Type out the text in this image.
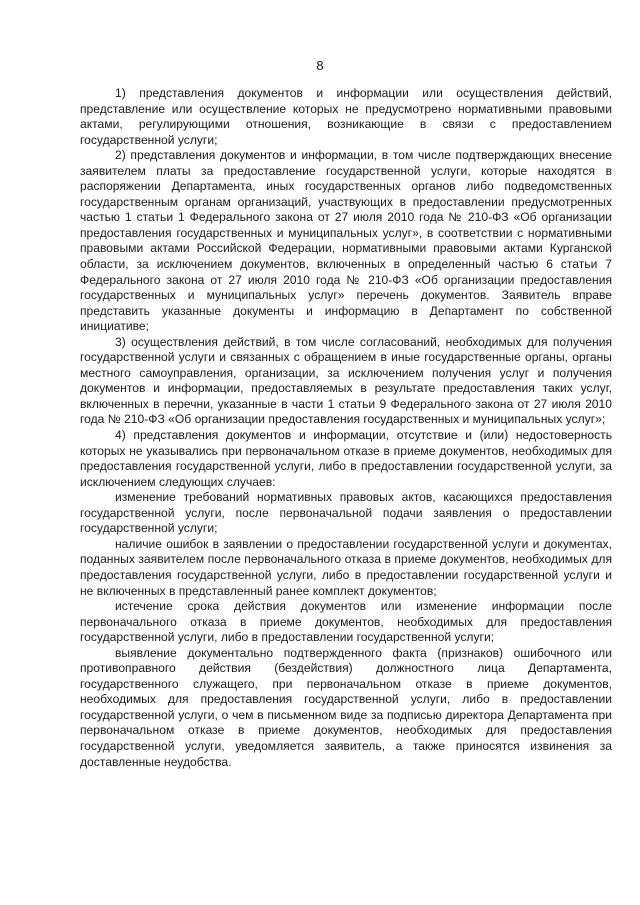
8

1) представления документов и информации или осуществления действий, представление или осуществление которых не предусмотрено нормативными правовыми актами, регулирующими отношения, возникающие в связи с предоставлением государственной услуги;

2) представления документов и информации, в том числе подтверждающих внесение заявителем платы за предоставление государственной услуги, которые находятся в распоряжении Департамента, иных государственных органов либо подведомственных государственным органам организаций, участвующих в предоставлении предусмотренных частью 1 статьи 1 Федерального закона от 27 июля 2010 года № 210-ФЗ «Об организации предоставления государственных и муниципальных услуг», в соответствии с нормативными правовыми актами Российской Федерации, нормативными правовыми актами Курганской области, за исключением документов, включенных в определенный частью 6 статьи 7 Федерального закона от 27 июля 2010 года № 210-ФЗ «Об организации предоставления государственных и муниципальных услуг» перечень документов. Заявитель вправе представить указанные документы и информацию в Департамент по собственной инициативе;

3) осуществления действий, в том числе согласований, необходимых для получения государственной услуги и связанных с обращением в иные государственные органы, органы местного самоуправления, организации, за исключением получения услуг и получения документов и информации, предоставляемых в результате предоставления таких услуг, включенных в перечни, указанные в части 1 статьи 9 Федерального закона от 27 июля 2010 года № 210-ФЗ «Об организации предоставления государственных и муниципальных услуг»;

4) представления документов и информации, отсутствие и (или) недостоверность которых не указывались при первоначальном отказе в приеме документов, необходимых для предоставления государственной услуги, либо в предоставлении государственной услуги, за исключением следующих случаев:

изменение требований нормативных правовых актов, касающихся предоставления государственной услуги, после первоначальной подачи заявления о предоставлении государственной услуги;

наличие ошибок в заявлении о предоставлении государственной услуги и документах, поданных заявителем после первоначального отказа в приеме документов, необходимых для предоставления государственной услуги, либо в предоставлении государственной услуги и не включенных в представленный ранее комплект документов;

истечение срока действия документов или изменение информации после первоначального отказа в приеме документов, необходимых для предоставления государственной услуги, либо в предоставлении государственной услуги;

выявление документально подтвержденного факта (признаков) ошибочного или противоправного действия (бездействия) должностного лица Департамента, государственного служащего, при первоначальном отказе в приеме документов, необходимых для предоставления государственной услуги, либо в предоставлении государственной услуги, о чем в письменном виде за подписью директора Департамента при первоначальном отказе в приеме документов, необходимых для предоставления государственной услуги, уведомляется заявитель, а также приносятся извинения за доставленные неудобства.
